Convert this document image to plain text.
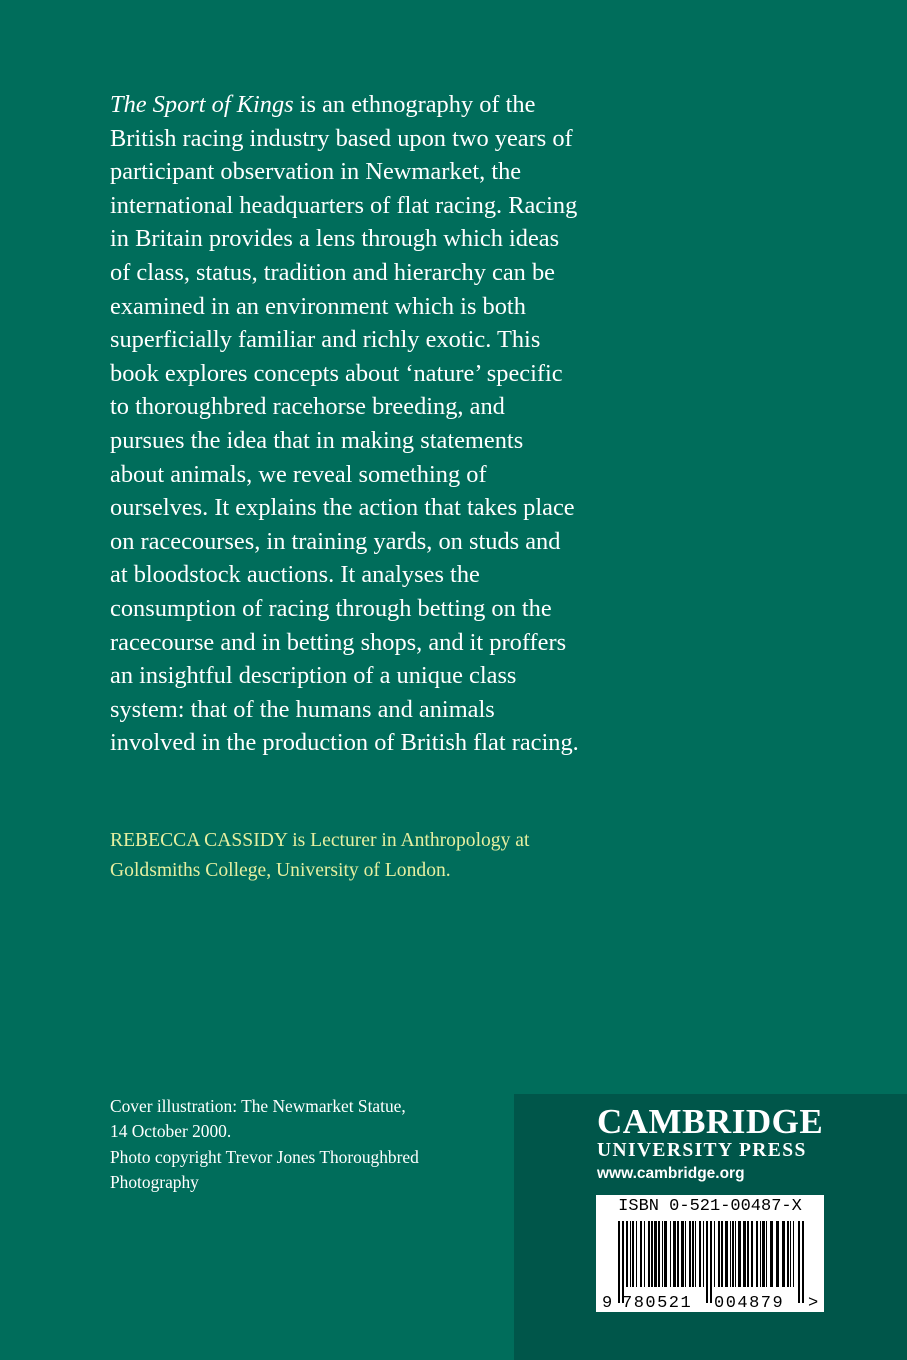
The Sport of Kings is an ethnography of the British racing industry based upon two years of participant observation in Newmarket, the international headquarters of flat racing. Racing in Britain provides a lens through which ideas of class, status, tradition and hierarchy can be examined in an environment which is both superficially familiar and richly exotic. This book explores concepts about ‘nature’ specific to thoroughbred racehorse breeding, and pursues the idea that in making statements about animals, we reveal something of ourselves. It explains the action that takes place on racecourses, in training yards, on studs and at bloodstock auctions. It analyses the consumption of racing through betting on the racecourse and in betting shops, and it proffers an insightful description of a unique class system: that of the humans and animals involved in the production of British flat racing.

REBECCA CASSIDY is Lecturer in Anthropology at Goldsmiths College, University of London.

Cover illustration: The Newmarket Statue,
14 October 2000.
Photo copyright Trevor Jones Thoroughbred
Photography
CAMBRIDGE
UNIVERSITY PRESS
www.cambridge.org
ISBN 0-521-00487-X
9 780521 004879 >
